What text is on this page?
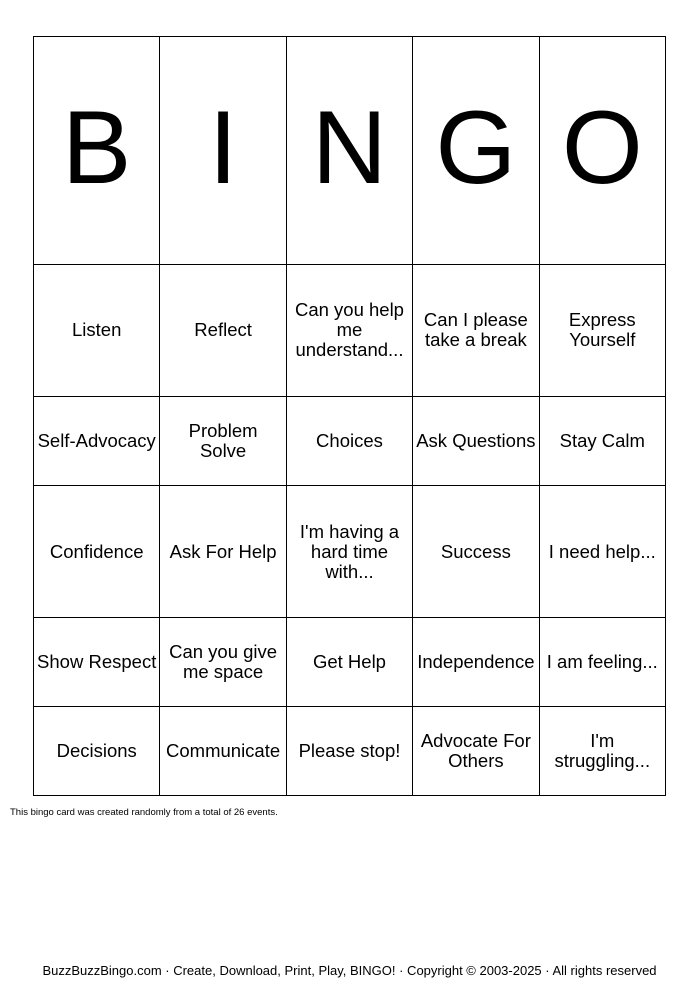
B	I	N	G	O
Listen	Reflect	Can you help me understand...	Can I please take a break	Express Yourself
Self-Advocacy	Problem Solve	Choices	Ask Questions	Stay Calm
Confidence	Ask For Help	I'm having a hard time with...	Success	I need help...
Show Respect	Can you give me space	Get Help	Independence	I am feeling...
Decisions	Communicate	Please stop!	Advocate For Others	I'm struggling...
This bingo card was created randomly from a total of 26 events.
BuzzBuzzBingo.com · Create, Download, Print, Play, BINGO! · Copyright © 2003-2025 · All rights reserved
